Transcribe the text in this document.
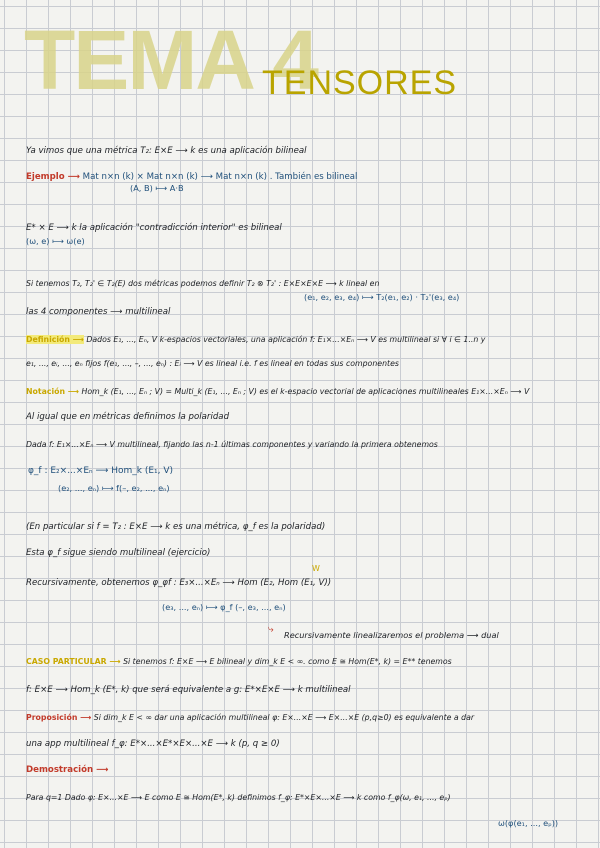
TEMA 4
TENSORES
Ya vimos que una métrica T₂: E×E ⟶ k es una aplicación bilineal
Ejemplo ⟶ Mat n×n (k) × Mat n×n (k) ⟶ Mat n×n (k) . También es bilineal
(A, B) ⟼ A·B
E* × E ⟶ k la aplicación "contradicción interior" es bilineal
(ω, e) ⟼ ω(e)
Si tenemos T₂, T₂' ∈ T₂(E) dos métricas podemos definir T₂ ⊗ T₂' : E×E×E×E ⟶ k lineal en
(e₁, e₂, e₃, e₄) ⟼ T₂(e₁, e₂) · T₂'(e₃, e₄)
las 4 componentes ⟶ multilineal
Definición ⟶ Dados E₁, ..., Eₙ, V k-espacios vectoriales, una aplicación f: E₁×...×Eₙ ⟶ V es multilineal si ∀ i ∈ 1..n y
e₁, ..., eᵢ, ..., eₙ fijos f(e₁, ..., –, ..., eₙ) : Eᵢ ⟶ V es lineal i.e. f es lineal en todas sus componentes
Notación ⟶ Hom_k (E₁, ..., Eₙ ; V) = Multi_k (E₁, ..., Eₙ ; V) es el k-espacio vectorial de aplicaciones multilineales E₁×...×Eₙ ⟶ V
Al igual que en métricas definimos la polaridad
Dada f: E₁×...×Eₙ ⟶ V multilineal, fijando las n-1 últimas componentes y variando la primera obtenemos
φ_f : E₂×...×Eₙ ⟶ Hom_k (E₁, V)
(e₂, ..., eₙ) ⟼ f(–, e₂, ..., eₙ)
(En particular si f = T₂ : E×E ⟶ k es una métrica, φ_f es la polaridad)
Esta φ_f sigue siendo multilineal (ejercicio)
W
Recursivamente, obtenemos φ_φf : E₃×...×Eₙ ⟶ Hom (E₂, Hom (E₁, V))
(e₃, ..., eₙ) ⟼ φ_f (–, e₃, ..., eₙ)
⤷ Recursivamente linealizaremos el problema ⟶ dual
CASO PARTICULAR ⟶ Si tenemos f: E×E ⟶ E bilineal y dim_k E < ∞. como E ≅ Hom(E*, k) = E** tenemos
f: E×E ⟶ Hom_k (E*, k) que será equivalente a g: E*×E×E ⟶ k multilineal
Proposición ⟶ Si dim_k E < ∞ dar una aplicación multilineal φ: E×...×E ⟶ E×...×E (p,q≥0) es equivalente a dar
una app multilineal f_φ: E*×...×E*×E×...×E ⟶ k (p, q ≥ 0)
Demostración ⟶
Para q=1 Dado φ: E×...×E ⟶ E como E ≅ Hom(E*, k) definimos f_φ: E*×E×...×E ⟶ k como f_φ(ω, e₁, ..., eₚ)
ω(φ(e₁, ..., eₚ))
